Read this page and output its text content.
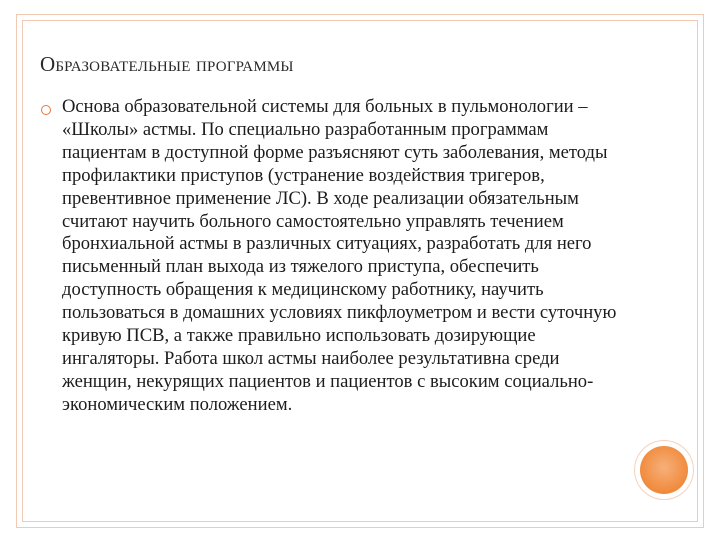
Образовательные программы
Основа образовательной системы для больных в пульмонологии – «Школы» астмы. По специально разработанным программам пациентам в доступной форме разъясняют суть заболевания, методы профилактики приступов (устранение воздействия тригеров, превентивное применение ЛС). В ходе реализации обязательным считают научить больного самостоятельно управлять течением бронхиальной астмы в различных ситуациях, разработать для него письменный план выхода из тяжелого приступа, обеспечить доступность обращения к медицинскому работнику, научить пользоваться в домашних условиях пикфлоуметром и вести суточную кривую ПСВ, а также правильно использовать дозирующие ингаляторы. Работа школ астмы наиболее результативна среди женщин, некурящих пациентов и пациентов с высоким социально-экономическим положением.
